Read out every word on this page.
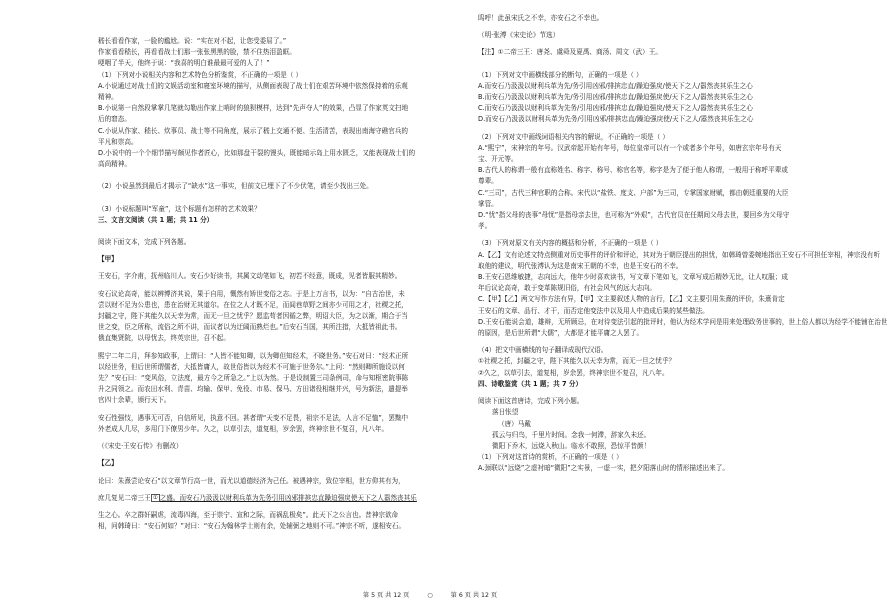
嵇长看看作家，一脸的尴尬。说：“实在对不起，让您受委屈了。”
作家看看嵇长，再看看战士们那一张张黑黑的脸，禁不住热泪盈眶。
哽咽了半天，他终于说：“我喜的明白谁最最可爱的人了！”
（1）下列对小说相关内容和艺术特色分析鉴赏，不正确的一项是（ ）
A.小说通过对战士们的文娱活动室和寝室环境的描写，从侧面表现了战士们在艰苦环境中依然保持着的乐观
精神。
B.小说第一自然段掌掌几笔就勾勒出作家上哨时的狼狈模样，达到“先声夺人”的效果，凸显了作家英文扫地
后的窘态。
C.小说从作家、嵇长、炊事员、战士等不同角度，展示了嵇上交通不便、生活清苦，表现出南海守礁官兵的
平凡和崇高。
D.小说中的一个个细节描写颇见作者匠心，比如那盘干裂的馒头，既能暗示岛上用水匮乏，又能表现战士们的
高尚精神。
（2）小说虽然到最后才揭示了“缺水”这一事实，但前文已埋下了不少伏笔，请至少找出三处。
（3）小说标题叫“军童”，这个标题有怎样的艺术效果？
三、文言文阅读（共 1 题；共 11 分）
阅读下面文本，完成下列各题。
【甲】
王安石，字介甫，抚州临川人。安石少好读书，其属文动笔如飞，初若不经意，既成，见者皆服其精妙。
安石议论高奇，能以辨博济其说，果于自用，慨然有矫世变俗之志。于是上万言书，以为：“自古治世，未
尝以财不足为公患也，患在治财无其道尔。在位之人才既不足，而闾巷草野之间亦少可用之才，社稷之托，
封疆之守，陛下其能久以天幸为常，而无一旦之忧乎？愿监苟者因循之弊，明诏大臣，为之以渐，期合于当
世之变，臣之所称，流俗之所不讲，而议者以为迂阔而熟烂也。”后安石当国，其所注措，大抵皆祖此书。
俄直集贤院，以母忧去，终英宗世，召不起。
熙宁二年二月，拜参知政事，上谓曰：“人皆不能知卿，以为卿但知经术，不晓世务。”安石对曰：“经术正所
以经世务，但后世所谓儒者，大抵皆庸人，故世俗皆以为经术不可施于世务尔。”上问：“然则卿所施设以何
先？”安石曰：“变风俗，立法度，最方今之所急之。”上以为然。于是设制置三司条例司，命与知枢密院事陈
升之同领之。而农田水利、青苗、均输、保甲、免役、市易、保马、方田诸役相继并兴，号为新法，遣提举
官四十余辈，颁行天下。
安石性强忮，遇事无可否，自信所见，执意不回。甚者谓“天变不足畏，祖宗不足法，人言不足恤”，罢黜中
外老成人几尽，多用门下僚男少年。久之，以草引去，道复相，岁余罢，终神宗世不复召，凡八年。
（《宋史·王安石传》有删改）
【乙】
论曰：朱熹尝论安石“以文章节行高一世，而尤以道德经济为己任。被遇神宗，致位宰相，世方仰其有为，
庶几复见二帝三王 ① 之盛。而安石乃汲汲以财利兵革为先务引用凶邪排摈忠直躁迫强戾使天下之人嚣然丧其乐
生之心。卒之群奸嗣虐，流毒四海，至于崇宁、宣和之际，而祸乱极矣”。此天下之公言也。昔神宗欲命
相，问韩琦曰：“安石何如？”对曰：“安石为翰林学士则有余，处辅弼之地则不可。”神宗不听，遂相安石。
呜呼！此虽宋氏之不幸，亦安石之不幸也。
（明·张溥《宋史论》节选）
【注】①二帝三王：唐尧、虞舜及夏禹、商汤、周文（武）王。
（1）下列对文中画横线部分的断句，正确的一项是（ ）
A.而安石乃汲汲以财利兵革为先/务引用凶邪/排摈忠直/躁迫强戾/使天下之人/嚣然丧其乐生之心
B.而安石乃汲汲以财利兵革为先/务引用凶邪/排摈忠直/躁迫强戾使/天下之人/嚣然丧其乐生之心
C.而安石乃汲汲以财利兵革为先务/引用凶邪/排摈忠直/躁迫强戾/使天下之人/嚣然丧其乐生之心
D.而安石乃汲汲以财利兵革为先务/引用凶邪/排摈忠直/躁迫强戾使/天下之人/嚣然丧其乐生之心
（2）下列对文中画线词语相关内容的解说，不正确的一项是（ ）
A.“熙宁”，宋神宗的年号。汉武帝起开始有年号，每位皇帝可以有一个或者多个年号，如唐玄宗年号有天
宝、开元等。
B.古代人的称谓一般有直称姓名、称字、称号、称官名等，称字是为了便于他人称谓，一般用于称呼平辈或
尊辈。
C.“三司”，古代三种官职的合称。宋代以“盐铁、度支、户部”为三司，专掌国家财赋，都由朝廷重要的大臣
掌管。
D.“忧”指父母的丧事“母忧”是指母亲去世，也可称为“外艰”，古代官员在任期间父母去世，要回乡为父母守
孝。
（3）下列对原文有关内容的概括和分析，不正确的一项是（ ）
A.【乙】文有论述文特点侧重对历史事件的评价和评论，其对为于朝臣提出的担忧，如韩琦曾委婉地指出王安石不可担任宰相，神宗没有听
取他的建议，明代张溥认为这是南宋王朝的不幸，也是王安石的不幸。
B.王安石恩维敏捷，志向远大，他年少时喜欢读书，写文章下笔如飞，文章写成后精妙无比，让人叹服；成
年后议论高奇，敢于变革陈规旧俗，有社会风气的远大志向。
C.【甲】【乙】两文写作方法有异，【甲】文主要叙述人物的言行，【乙】文主要引用朱熹的评价，朱熹肯定
王安石的文章、品行、才干，而否定他变法中以及用人中造成后果的某些做法。
D.王安石能说会道，雄辩，无所顾忌，在对待变法引起的批评时，他认为经术学问是用来处理政务世事的，世上俗人都以为经学不能铺在治世
的原因，是后世所谓“大儒”，大都是才能平庸之人罢了。
（4）把文中画横线的句子翻译成现代汉语。
①社稷之托，封疆之守，陛下其能久以天幸为常，而无一旦之忧乎？
②久之，以草引去，道复相，岁余罢，终神宗世不复召，凡八年。
四、诗歌鉴赏（共 1 题；共 7 分）
阅读下面这首唐诗，完成下列小题。
落日怅望
（唐）马戴
孤云与归鸟，千里片时间。念我一何滞，辞家久未还。
微阳下乔木，远烧入秋山。临水不敢照，恐惊平昔颜！
（1）下列对这首诗的赏析，不正确的一项是（ ）
A.颈联以“远烧”之虚衬暗“微阳”之实景，一虚一实，把夕阳落山时的情形描述出来了。
第 5 页 共 12 页	○	第 6 页 共 12 页
